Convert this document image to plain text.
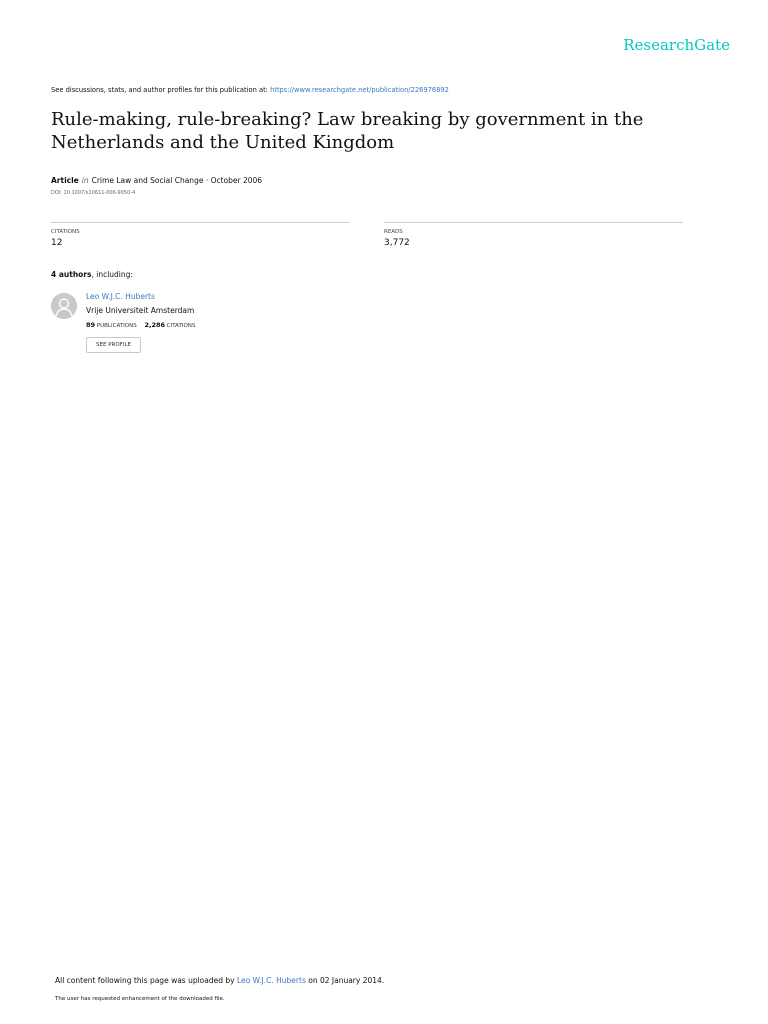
ResearchGate
See discussions, stats, and author profiles for this publication at: https://www.researchgate.net/publication/226976892
Rule-making, rule-breaking? Law breaking by government in the Netherlands and the United Kingdom
Article in Crime Law and Social Change · October 2006
DOI: 10.1007/s10611-006-9050-4
CITATIONS
12
READS
3,772
4 authors, including:
Leo W.J.C. Huberts
Vrije Universiteit Amsterdam
89 PUBLICATIONS 2,286 CITATIONS
SEE PROFILE
All content following this page was uploaded by Leo W.J.C. Huberts on 02 January 2014.
The user has requested enhancement of the downloaded file.
